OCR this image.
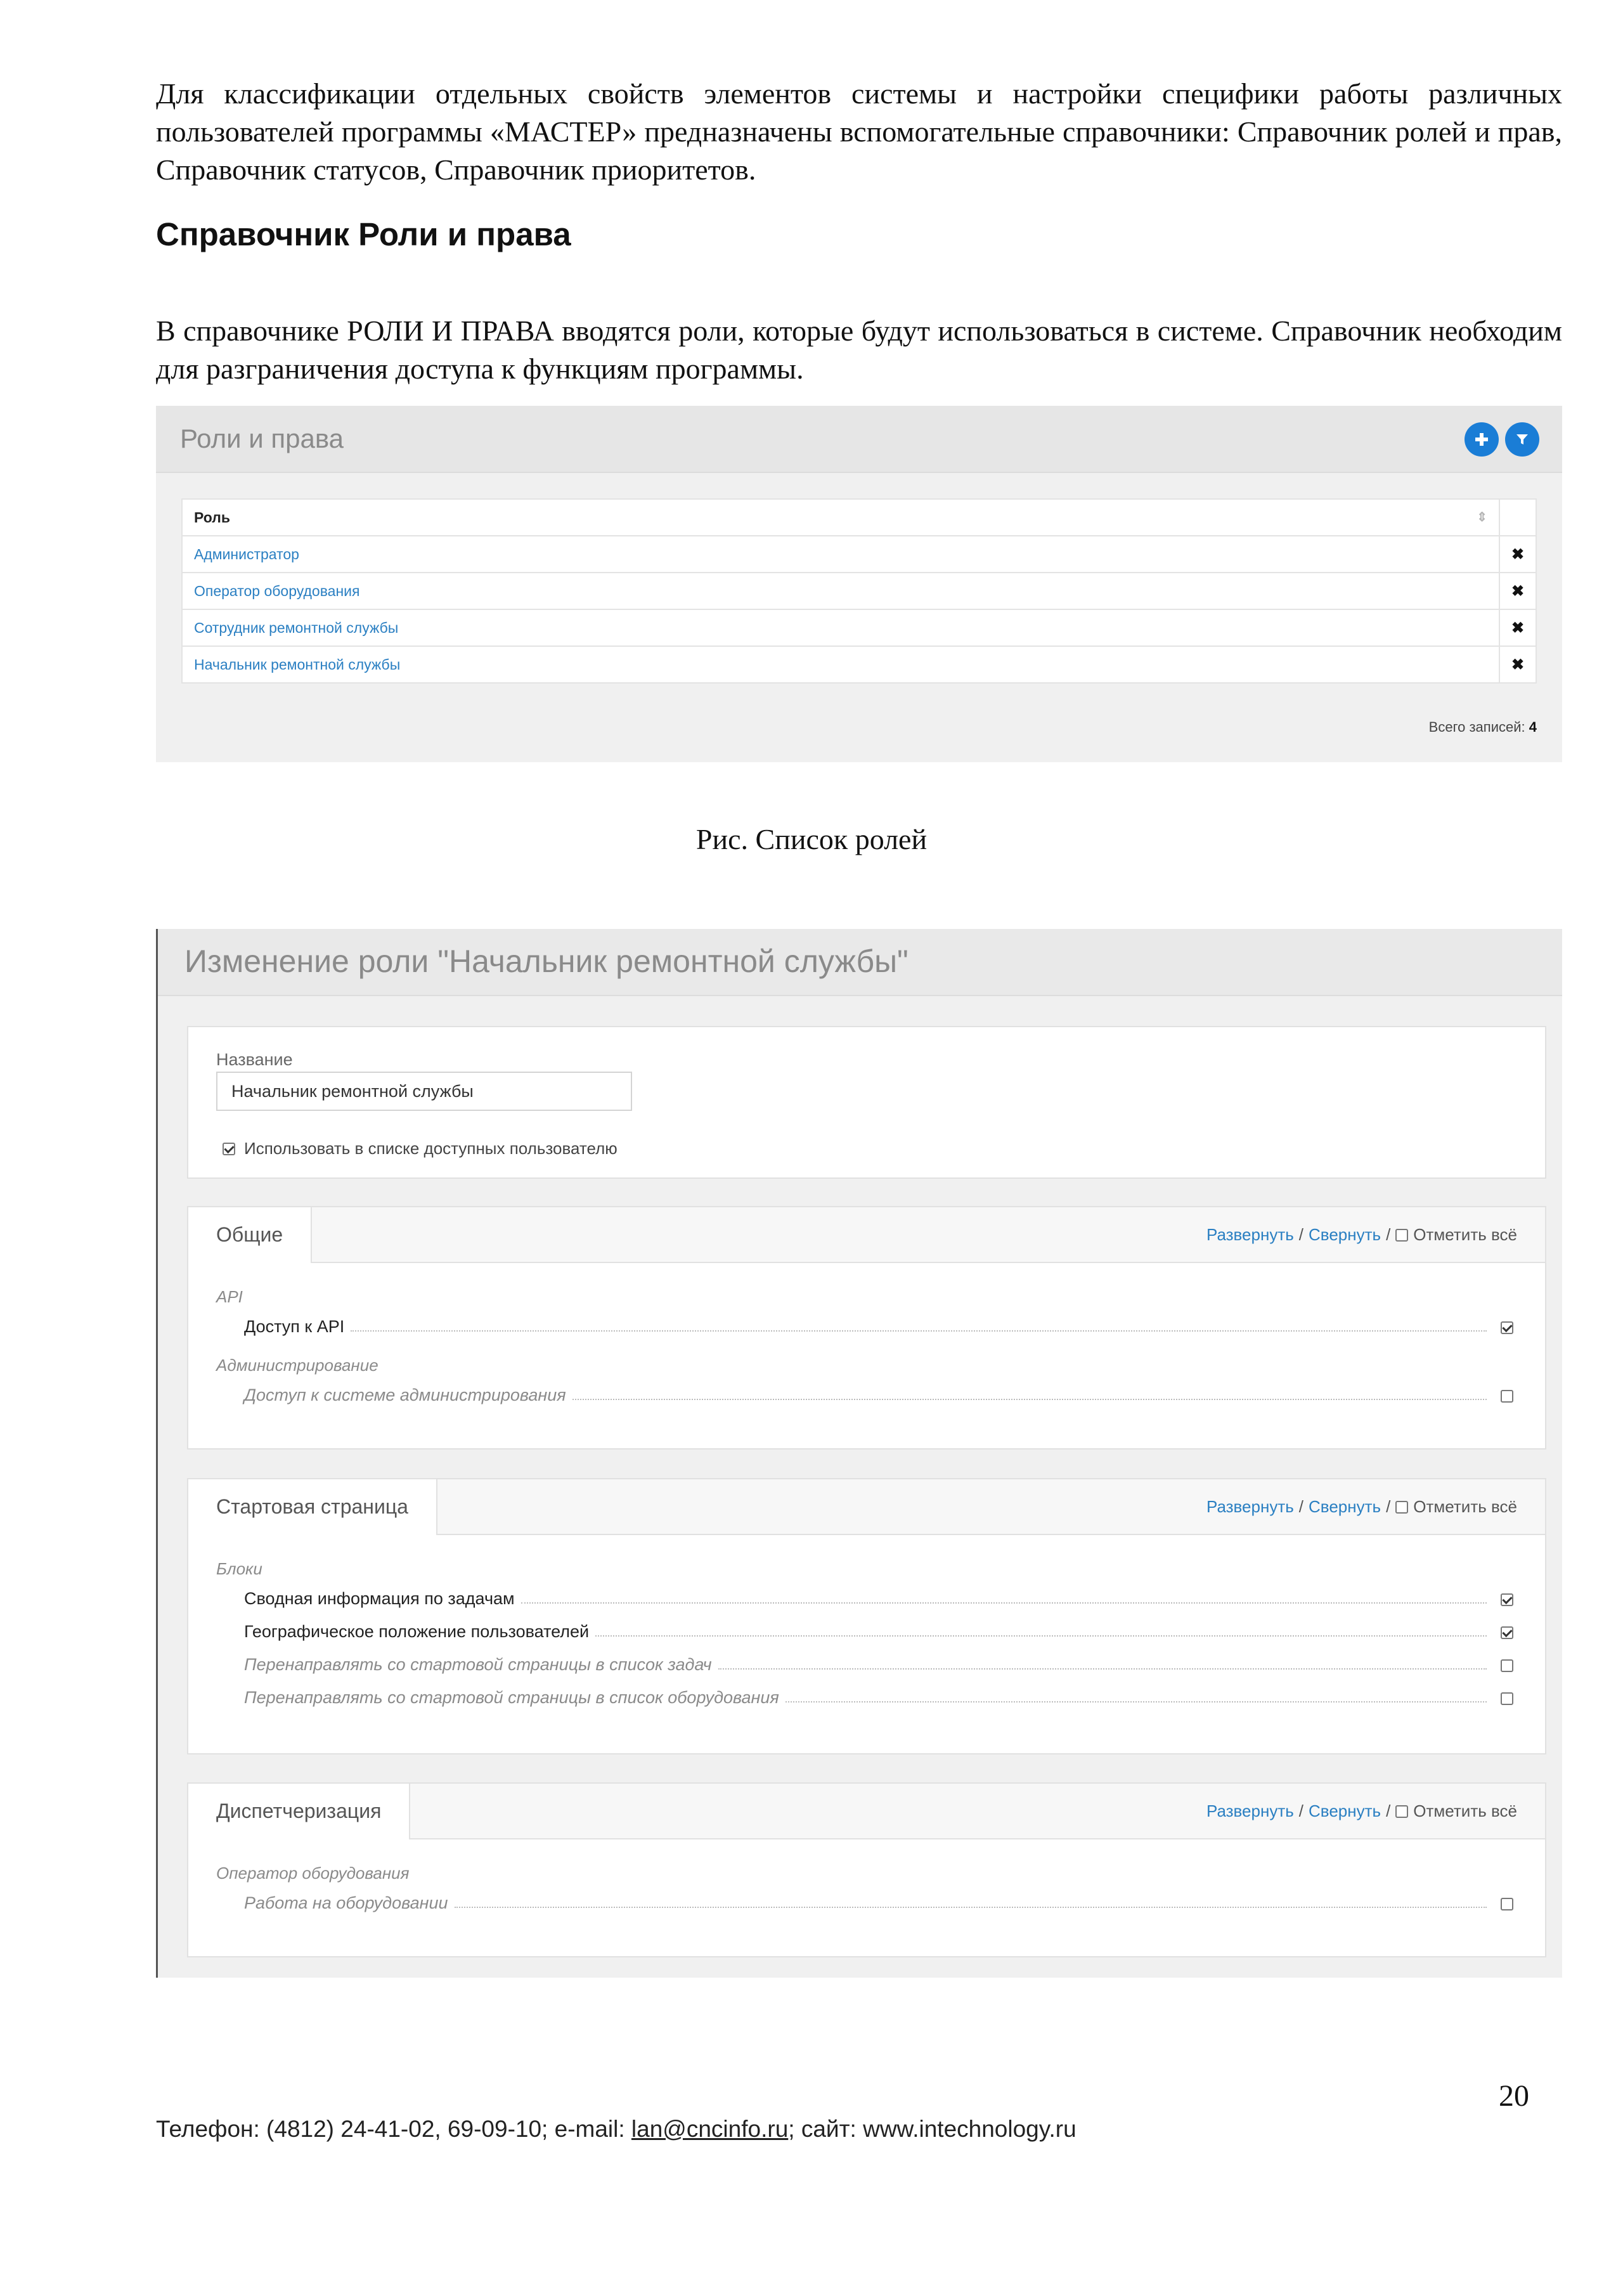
Для классификации отдельных свойств элементов системы и настройки специфики работы различных пользователей программы «МАСТЕР» предназначены вспомогательные справочники: Справочник ролей и прав, Справочник статусов, Справочник приоритетов.

Справочник Роли и права

В справочнике РОЛИ И ПРАВА вводятся роли, которые будут использоваться в системе. Справочник необходим для разграничения доступа к функциям программы.

Роли и права
Роль ⇕	

Администратор	✖
Оператор оборудования	✖
Сотрудник ремонтной службы	✖
Начальник ремонтной службы	✖
Всего записей: 4

Рис. Список ролей

Изменение роли "Начальник ремонтной службы"
Название
Начальник ремонтной службы
Использовать в списке доступных пользователю
Общие	Развернуть / Свернуть / Отметить всё
API
Доступ к API
Администрирование
Доступ к системе администрирования
Стартовая страница	Развернуть / Свернуть / Отметить всё
Блоки
Сводная информация по задачам
Географическое положение пользователей
Перенаправлять со стартовой страницы в список задач
Перенаправлять со стартовой страницы в список оборудования
Диспетчеризация	Развернуть / Свернуть / Отметить всё
Оператор оборудования
Работа на оборудовании
20
Телефон: (4812) 24-41-02, 69-09-10; e-mail: lan@cncinfo.ru; сайт: www.intechnology.ru
